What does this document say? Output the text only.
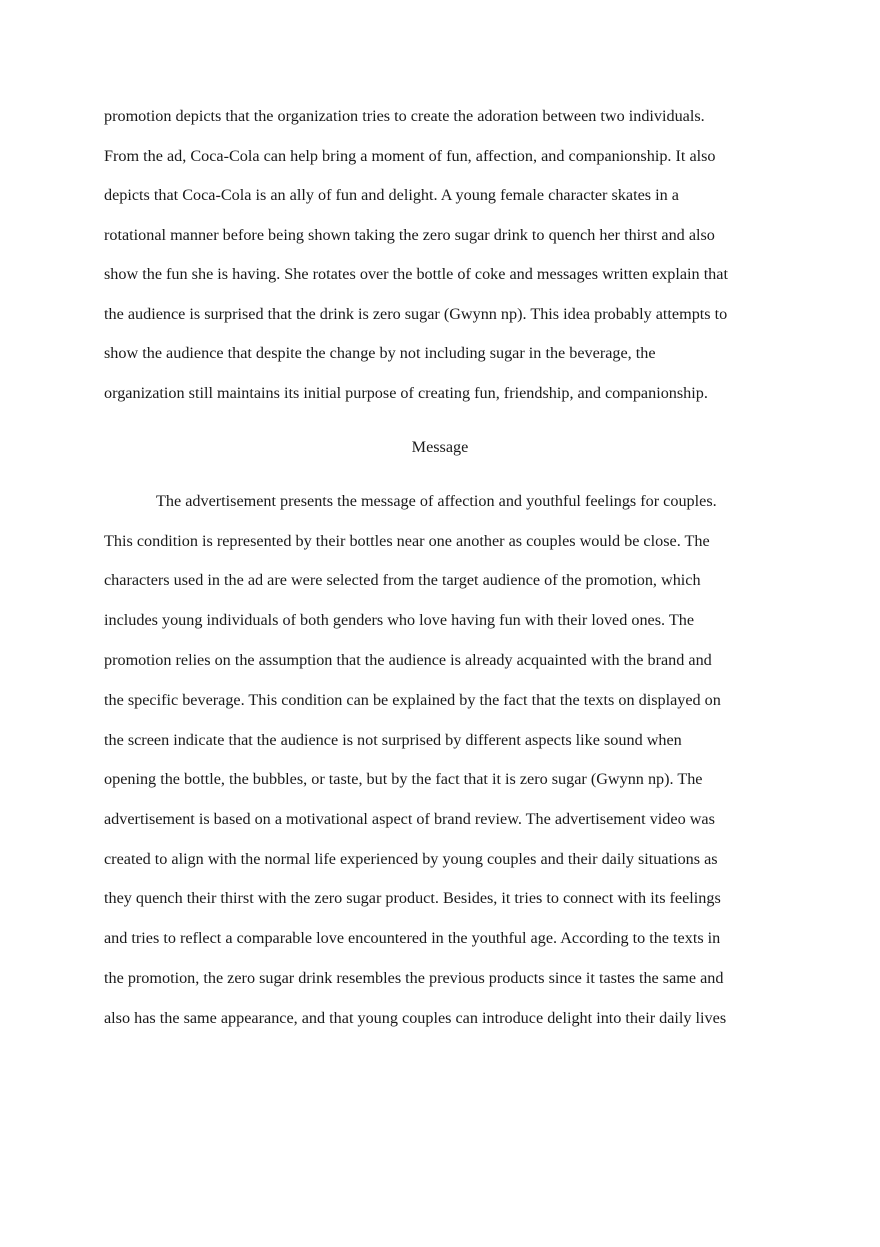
promotion depicts that the organization tries to create the adoration between two individuals.
From the ad, Coca-Cola can help bring a moment of fun, affection, and companionship. It also
depicts that Coca-Cola is an ally of fun and delight. A young female character skates in a
rotational manner before being shown taking the zero sugar drink to quench her thirst and also
show the fun she is having. She rotates over the bottle of coke and messages written explain that
the audience is surprised that the drink is zero sugar (Gwynn np). This idea probably attempts to
show the audience that despite the change by not including sugar in the beverage, the
organization still maintains its initial purpose of creating fun, friendship, and companionship.
Message
The advertisement presents the message of affection and youthful feelings for couples.
This condition is represented by their bottles near one another as couples would be close. The
characters used in the ad are were selected from the target audience of the promotion, which
includes young individuals of both genders who love having fun with their loved ones. The
promotion relies on the assumption that the audience is already acquainted with the brand and
the specific beverage. This condition can be explained by the fact that the texts on displayed on
the screen indicate that the audience is not surprised by different aspects like sound when
opening the bottle, the bubbles, or taste, but by the fact that it is zero sugar (Gwynn np). The
advertisement is based on a motivational aspect of brand review. The advertisement video was
created to align with the normal life experienced by young couples and their daily situations as
they quench their thirst with the zero sugar product. Besides, it tries to connect with its feelings
and tries to reflect a comparable love encountered in the youthful age. According to the texts in
the promotion, the zero sugar drink resembles the previous products since it tastes the same and
also has the same appearance, and that young couples can introduce delight into their daily lives
